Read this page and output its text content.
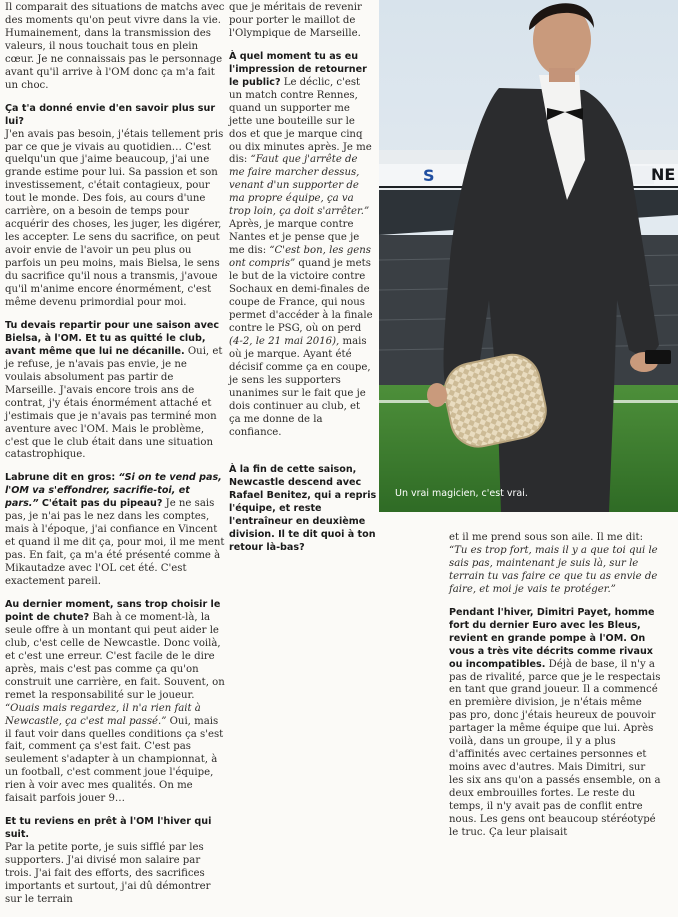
Il comparait des situations de matchs avec des moments qu'on peut vivre dans la vie. Humainement, dans la transmission des valeurs, il nous touchait tous en plein cœur. Je ne connaissais pas le personnage avant qu'il arrive à l'OM donc ça m'a fait un choc.

Ça t'a donné envie d'en savoir plus sur lui?
J'en avais pas besoin, j'étais tellement pris par ce que je vivais au quotidien… C'est quelqu'un que j'aime beaucoup, j'ai une grande estime pour lui. Sa passion et son investissement, c'était contagieux, pour tout le monde. Des fois, au cours d'une carrière, on a besoin de temps pour acquérir des choses, les juger, les digérer, les accepter. Le sens du sacrifice, on peut avoir envie de l'avoir un peu plus ou parfois un peu moins, mais Bielsa, le sens du sacrifice qu'il nous a transmis, j'avoue qu'il m'anime encore énormément, c'est même devenu primordial pour moi.

Tu devais repartir pour une saison avec Bielsa, à l'OM. Et tu as quitté le club, avant même que lui ne décanille. Oui, et je refuse, je n'avais pas envie, je ne voulais absolument pas partir de Marseille. J'avais encore trois ans de contrat, j'y étais énormément attaché et j'estimais que je n'avais pas terminé mon aventure avec l'OM. Mais le problème, c'est que le club était dans une situation catastrophique.

Labrune dit en gros: “Si on te vend pas, l'OM va s'effondrer, sacrifie-toi, et pars.” C'était pas du pipeau? Je ne sais pas, je n'ai pas le nez dans les comptes, mais à l'époque, j'ai confiance en Vincent et quand il me dit ça, pour moi, il me ment pas. En fait, ça m'a été présenté comme à Mikautadze avec l'OL cet été. C'est exactement pareil.

Au dernier moment, sans trop choisir le point de chute? Bah à ce moment-là, la seule offre à un montant qui peut aider le club, c'est celle de Newcastle. Donc voilà, et c'est une erreur. C'est facile de le dire après, mais c'est pas comme ça qu'on construit une carrière, en fait. Souvent, on remet la responsabilité sur le joueur. “Ouais mais regardez, il n'a rien fait à Newcastle, ça c'est mal passé.” Oui, mais il faut voir dans quelles conditions ça s'est fait, comment ça s'est fait. C'est pas seulement s'adapter à un championnat, à un football, c'est comment joue l'équipe, rien à voir avec mes qualités. On me faisait parfois jouer 9…

Et tu reviens en prêt à l'OM l'hiver qui suit.
Par la petite porte, je suis sifflé par les supporters. J'ai divisé mon salaire par trois. J'ai fait des efforts, des sacrifices importants et surtout, j'ai dû démontrer sur le terrain

que je méritais de revenir pour porter le maillot de l'Olympique de Marseille.

À quel moment tu as eu l'impression de retourner le public? Le déclic, c'est un match contre Rennes, quand un supporter me jette une bouteille sur le dos et que je marque cinq ou dix minutes après. Je me dis: “Faut que j'arrête de me faire marcher dessus, venant d'un supporter de ma propre équipe, ça va trop loin, ça doit s'arrêter.” Après, je marque contre Nantes et je pense que je me dis: “C'est bon, les gens ont compris” quand je mets le but de la victoire contre Sochaux en demi-finales de coupe de France, qui nous permet d'accéder à la finale contre le PSG, où on perd (4-2, le 21 mai 2016), mais où je marque. Ayant été décisif comme ça en coupe, je sens les supporters unanimes sur le fait que je dois continuer au club, et ça me donne de la confiance.

À la fin de cette saison, Newcastle descend avec Rafael Benitez, qui a repris l'équipe, et reste l'entraîneur en deuxième division. Il te dit quoi à ton retour là-bas?

et il me prend sous son aile. Il me dit: “Tu es trop fort, mais il y a que toi qui le sais pas, maintenant je suis là, sur le terrain tu vas faire ce que tu as envie de faire, et moi je vais te protéger.”

Pendant l'hiver, Dimitri Payet, homme fort du dernier Euro avec les Bleus, revient en grande pompe à l'OM. On vous a très vite décrits comme rivaux ou incompatibles. Déjà de base, il n'y a pas de rivalité, parce que je le respectais en tant que grand joueur. Il a commencé en première division, je n'étais même pas pro, donc j'étais heureux de pouvoir partager la même équipe que lui. Après voilà, dans un groupe, il y a plus d'affinités avec certaines personnes et moins avec d'autres. Mais Dimitri, sur les six ans qu'on a passés ensemble, on a deux embrouilles fortes. Le reste du temps, il n'y avait pas de conflit entre nous. Les gens ont beaucoup stéréotypé le truc. Ça leur plaisait

S	NE
Un vrai magicien, c'est vrai.
